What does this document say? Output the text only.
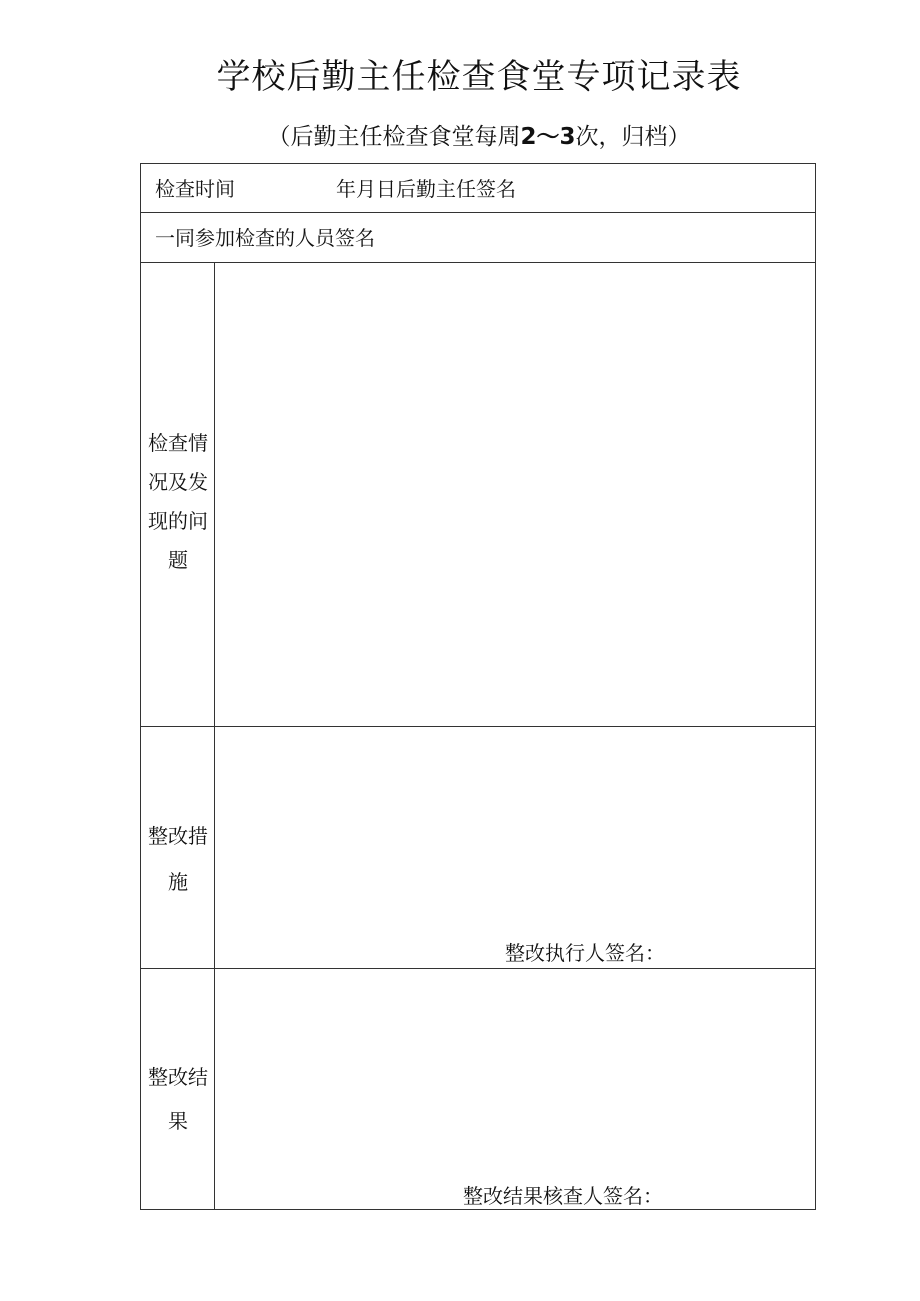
学校后勤主任检查食堂专项记录表
（后勤主任检查食堂每周2～3次，归档）
检查时间	年月日后勤主任签名
一同参加检查的人员签名
检查情
况及发
现的问
题
整改措
施
整改执行人签名：
整改结
果
整改结果核查人签名：
